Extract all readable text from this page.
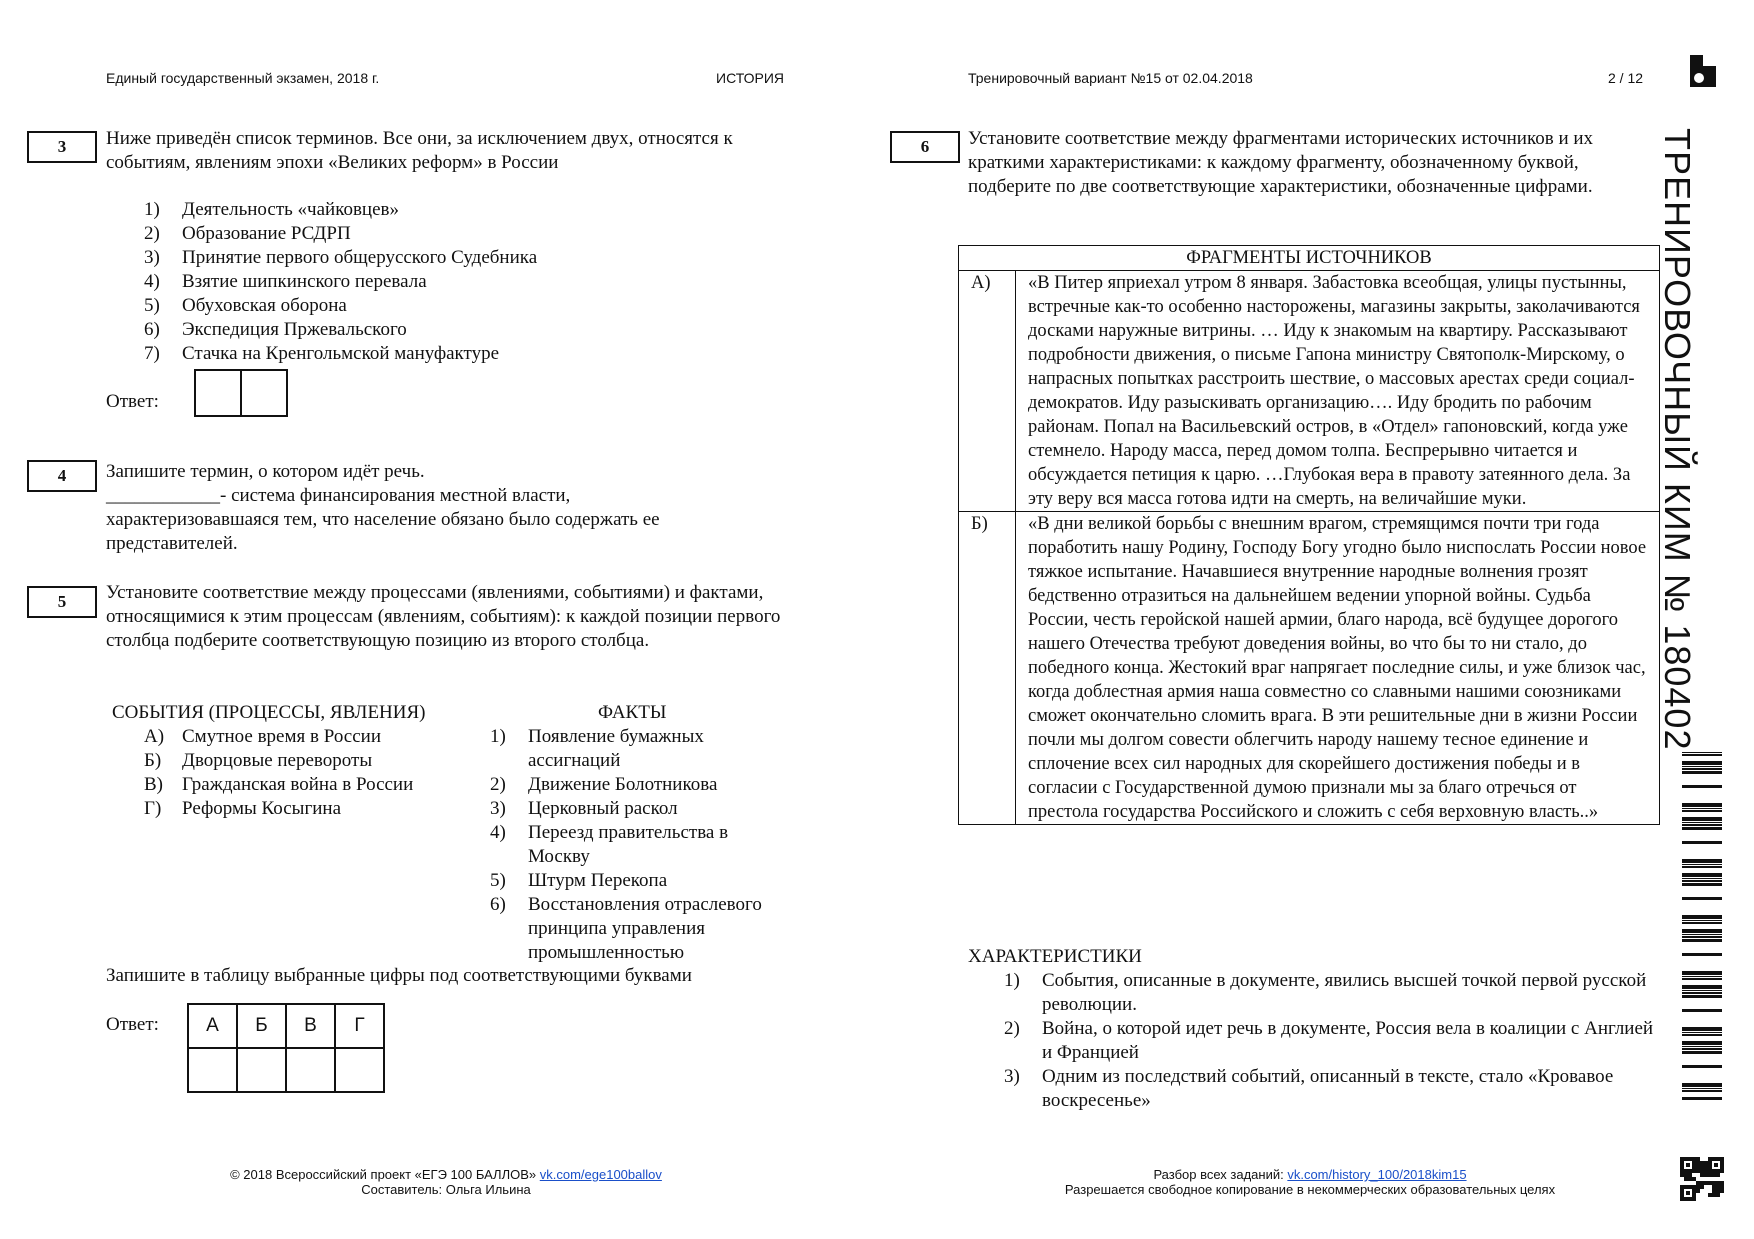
Единый государственный экзамен, 2018 г.	ИСТОРИЯ	Тренировочный вариант №15 от 02.04.2018	2 / 12
ТРЕНИРОВОЧНЫЙ КИМ № 180402
3	Ниже приведён список терминов. Все они, за исключением двух, относятся к событиям, явлениям эпохи «Великих реформ» в России
1) Деятельность «чайковцев»
2) Образование РСДРП
3) Принятие первого общерусского Судебника
4) Взятие шипкинского перевала
5) Обуховская оборона
6) Экспедиция Пржевальского
7) Стачка на Кренгольмской мануфактуре
Ответ:

4	Запишите термин, о котором идёт речь.
____________- система финансирования местной власти,
характеризовавшаяся тем, что население обязано было содержать ее
представителей.
5	Установите соответствие между процессами (явлениями, событиями) и фактами, относящимися к этим процессам (явлениям, событиям): к каждой позиции первого столбца подберите соответствующую позицию из второго столбца.
СОБЫТИЯ (ПРОЦЕССЫ, ЯВЛЕНИЯ)	ФАКТЫ
А) Смутное время в России
Б) Дворцовые перевороты
В) Гражданская война в России
Г) Реформы Косыгина
1) Появление бумажных ассигнаций
2) Движение Болотникова
3) Церковный раскол
4) Переезд правительства в Москву
5) Штурм Перекопа
6) Восстановления отраслевого принципа управления промышленностью
Запишите в таблицу выбранные цифры под соответствующими буквами
Ответ: А	Б	В	Г

6	Установите соответствие между фрагментами исторических источников и их краткими характеристиками: к каждому фрагменту, обозначенному буквой, подберите по две соответствующие характеристики, обозначенные цифрами.
ФРАГМЕНТЫ ИСТОЧНИКОВ
А)	«В Питер яприехал утром 8 января. Забастовка всеобщая, улицы пустынны, встречные как-то особенно насторожены, магазины закрыты, заколачиваются досками наружные витрины. … Иду к знакомым на квартиру. Рассказывают подробности движения, о письме Гапона министру Святополк-Мирскому, о напрасных попытках расстроить шествие, о массовых арестах среди социал-демократов. Иду разыскивать организацию…. Иду бродить по рабочим районам. Попал на Васильевский остров, в «Отдел» гапоновский, когда уже стемнело. Народу масса, перед домом толпа. Беспрерывно читается и обсуждается петиция к царю. …Глубокая вера в правоту затеянного дела. За эту веру вся масса готова идти на смерть, на величайшие муки.
Б)	«В дни великой борьбы с внешним врагом, стремящимся почти три года поработить нашу Родину, Господу Богу угодно было ниспослать России новое тяжкое испытание. Начавшиеся внутренние народные волнения грозят бедственно отразиться на дальнейшем ведении упорной войны. Судьба России, честь геройской нашей армии, благо народа, всё будущее дорогого нашего Отечества требуют доведения войны, во что бы то ни стало, до победного конца. Жестокий враг напрягает последние силы, и уже близок час, когда доблестная армия наша совместно со славными нашими союзниками сможет окончательно сломить врага. В эти решительные дни в жизни России почли мы долгом совести облегчить народу нашему тесное единение и сплочение всех сил народных для скорейшего достижения победы и в согласии с Государственной думою признали мы за благо отречься от престола государства Российского и сложить с себя верховную власть..»
ХАРАКТЕРИСТИКИ
1) События, описанные в документе, явились высшей точкой первой русской революции.
2) Война, о которой идет речь в документе, Россия вела в коалиции с Англией и Францией
3) Одним из последствий событий, описанный в тексте, стало «Кровавое воскресенье»
© 2018 Всероссийский проект «ЕГЭ 100 БАЛЛОВ» vk.com/ege100ballov
Составитель: Ольга Ильина
Разбор всех заданий: vk.com/history_100/2018kim15
Разрешается свободное копирование в некоммерческих образовательных целях
